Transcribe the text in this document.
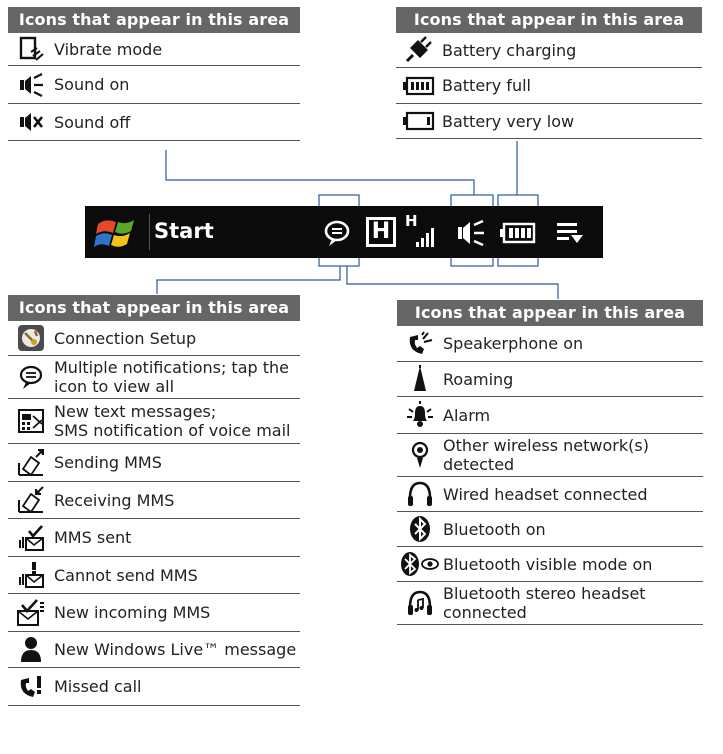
Icons that appear in this area
Vibrate mode
Sound on
Sound off
Icons that appear in this area
Battery charging
Battery full
Battery very low
Icons that appear in this area
Connection Setup
Multiple notifications; tap the
icon to view all
New text messages;
SMS notification of voice mail
Sending MMS
Receiving MMS
MMS sent
Cannot send MMS
New incoming MMS
New Windows Live™ message
Missed call
Icons that appear in this area
Speakerphone on
Roaming
Alarm
Other wireless network(s)
detected
Wired headset connected
Bluetooth on
Bluetooth visible mode on
Bluetooth stereo headset
connected
Start	H H
